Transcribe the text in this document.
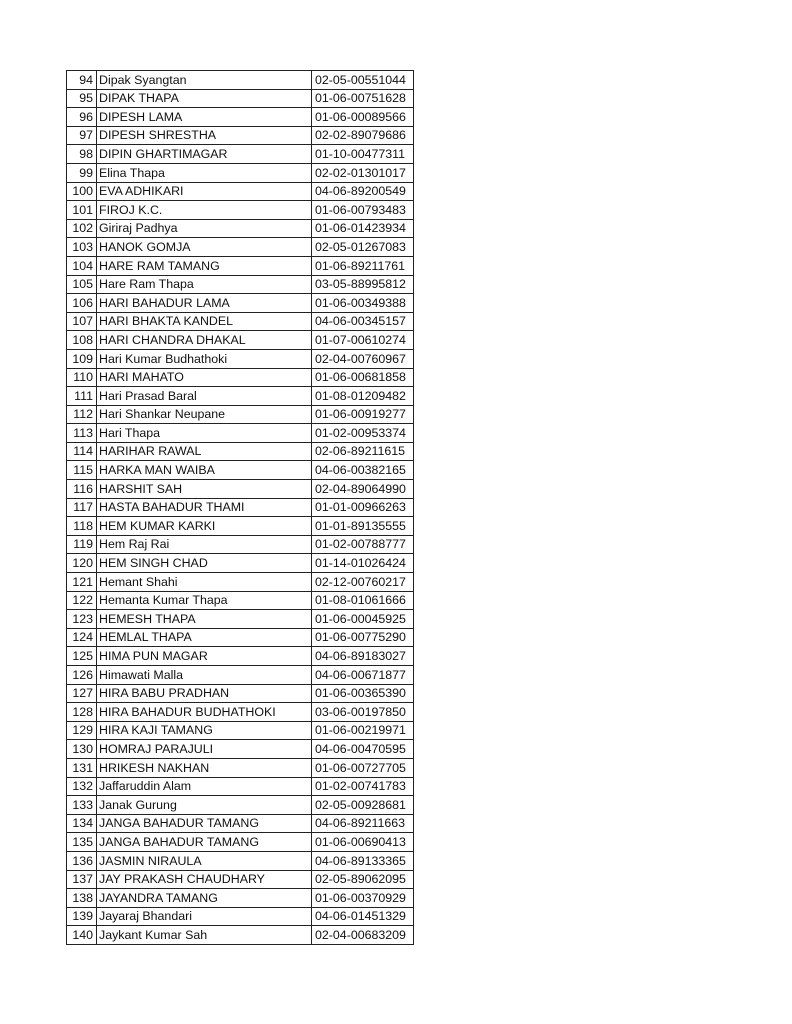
94	Dipak Syangtan	02-05-00551044
95	DIPAK THAPA	01-06-00751628
96	DIPESH LAMA	01-06-00089566
97	DIPESH SHRESTHA	02-02-89079686
98	DIPIN GHARTIMAGAR	01-10-00477311
99	Elina Thapa	02-02-01301017
100	EVA ADHIKARI	04-06-89200549
101	FIROJ K.C.	01-06-00793483
102	Giriraj Padhya	01-06-01423934
103	HANOK GOMJA	02-05-01267083
104	HARE RAM TAMANG	01-06-89211761
105	Hare Ram Thapa	03-05-88995812
106	HARI BAHADUR LAMA	01-06-00349388
107	HARI BHAKTA KANDEL	04-06-00345157
108	HARI CHANDRA DHAKAL	01-07-00610274
109	Hari Kumar Budhathoki	02-04-00760967
110	HARI MAHATO	01-06-00681858
111	Hari Prasad Baral	01-08-01209482
112	Hari Shankar Neupane	01-06-00919277
113	Hari Thapa	01-02-00953374
114	HARIHAR RAWAL	02-06-89211615
115	HARKA MAN WAIBA	04-06-00382165
116	HARSHIT SAH	02-04-89064990
117	HASTA BAHADUR THAMI	01-01-00966263
118	HEM KUMAR KARKI	01-01-89135555
119	Hem Raj Rai	01-02-00788777
120	HEM SINGH CHAD	01-14-01026424
121	Hemant Shahi	02-12-00760217
122	Hemanta Kumar Thapa	01-08-01061666
123	HEMESH THAPA	01-06-00045925
124	HEMLAL THAPA	01-06-00775290
125	HIMA PUN MAGAR	04-06-89183027
126	Himawati Malla	04-06-00671877
127	HIRA BABU PRADHAN	01-06-00365390
128	HIRA BAHADUR BUDHATHOKI	03-06-00197850
129	HIRA KAJI TAMANG	01-06-00219971
130	HOMRAJ PARAJULI	04-06-00470595
131	HRIKESH NAKHAN	01-06-00727705
132	Jaffaruddin Alam	01-02-00741783
133	Janak Gurung	02-05-00928681
134	JANGA BAHADUR TAMANG	04-06-89211663
135	JANGA BAHADUR TAMANG	01-06-00690413
136	JASMIN NIRAULA	04-06-89133365
137	JAY PRAKASH CHAUDHARY	02-05-89062095
138	JAYANDRA TAMANG	01-06-00370929
139	Jayaraj Bhandari	04-06-01451329
140	Jaykant Kumar Sah	02-04-00683209
